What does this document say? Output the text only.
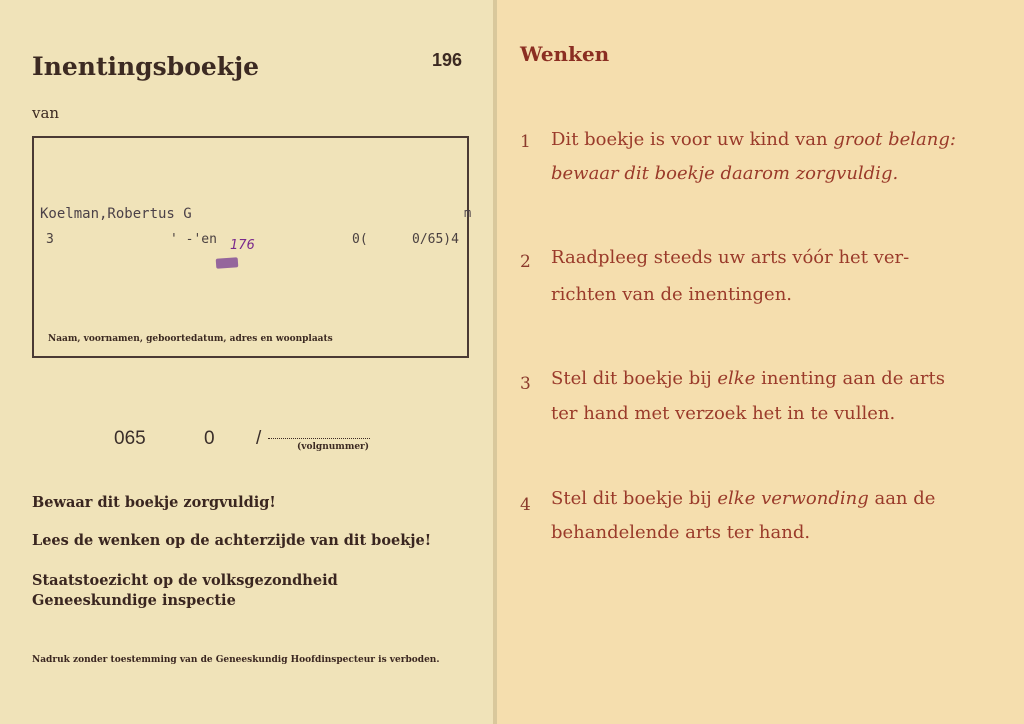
Inentingsboekje	196
van
Koelman,Robertus G	m
3	' -'en 176	0(	0/65)4
Naam, voornamen, geboortedatum, adres en woonplaats
065	0 /	(volgnummer)
Bewaar dit boekje zorgvuldig!
Lees de wenken op de achterzijde van dit boekje!
Staatstoezicht op de volksgezondheid
Geneeskundige inspectie
Nadruk zonder toestemming van de Geneeskundig Hoofdinspecteur is verboden.
Wenken
1 Dit boekje is voor uw kind van groot belang:
bewaar dit boekje daarom zorgvuldig.
2 Raadpleeg steeds uw arts vóór het ver-
richten van de inentingen.
3 Stel dit boekje bij elke inenting aan de arts
ter hand met verzoek het in te vullen.
4 Stel dit boekje bij elke verwonding aan de
behandelende arts ter hand.
